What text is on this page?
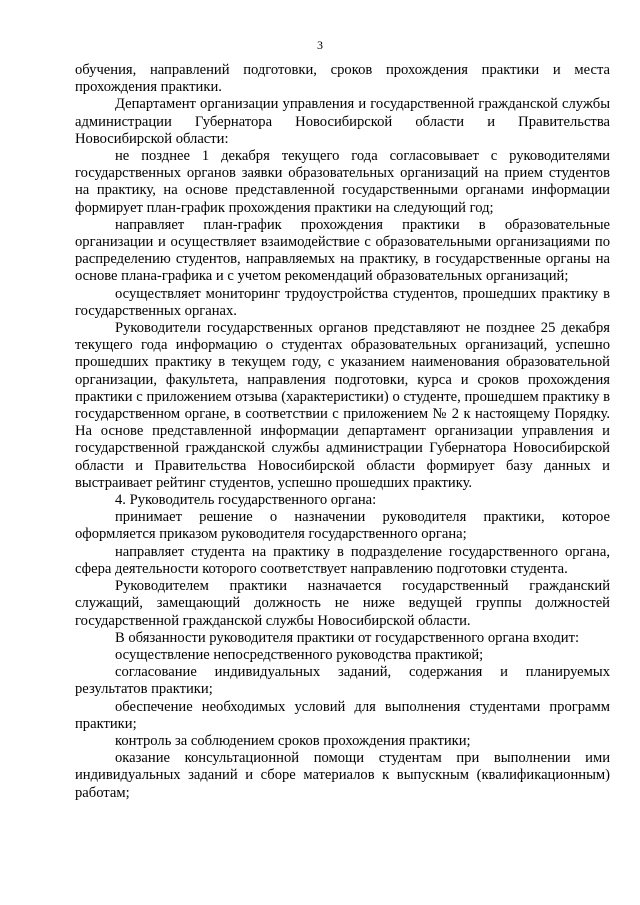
3

обучения, направлений подготовки, сроков прохождения практики и места прохождения практики.

Департамент организации управления и государственной гражданской службы администрации Губернатора Новосибирской области и Правительства Новосибирской области:

не позднее 1 декабря текущего года согласовывает с руководителями государственных органов заявки образовательных организаций на прием студентов на практику, на основе представленной государственными органами информации формирует план-график прохождения практики на следующий год;

направляет план-график прохождения практики в образовательные организации и осуществляет взаимодействие с образовательными организациями по распределению студентов, направляемых на практику, в государственные органы на основе плана-графика и с учетом рекомендаций образовательных организаций;

осуществляет мониторинг трудоустройства студентов, прошедших практику в государственных органах.

Руководители государственных органов представляют не позднее 25 декабря текущего года информацию о студентах образовательных организаций, успешно прошедших практику в текущем году, с указанием наименования образовательной организации, факультета, направления подготовки, курса и сроков прохождения практики с приложением отзыва (характеристики) о студенте, прошедшем практику в государственном органе, в соответствии с приложением № 2 к настоящему Порядку. На основе представленной информации департамент организации управления и государственной гражданской службы администрации Губернатора Новосибирской области и Правительства Новосибирской области формирует базу данных и выстраивает рейтинг студентов, успешно прошедших практику.

4. Руководитель государственного органа:

принимает решение о назначении руководителя практики, которое оформляется приказом руководителя государственного органа;

направляет студента на практику в подразделение государственного органа, сфера деятельности которого соответствует направлению подготовки студента.

Руководителем практики назначается государственный гражданский служащий, замещающий должность не ниже ведущей группы должностей государственной гражданской службы Новосибирской области.

В обязанности руководителя практики от государственного органа входит:

осуществление непосредственного руководства практикой;

согласование индивидуальных заданий, содержания и планируемых результатов практики;

обеспечение необходимых условий для выполнения студентами программ практики;

контроль за соблюдением сроков прохождения практики;

оказание консультационной помощи студентам при выполнении ими индивидуальных заданий и сборе материалов к выпускным (квалификационным) работам;
